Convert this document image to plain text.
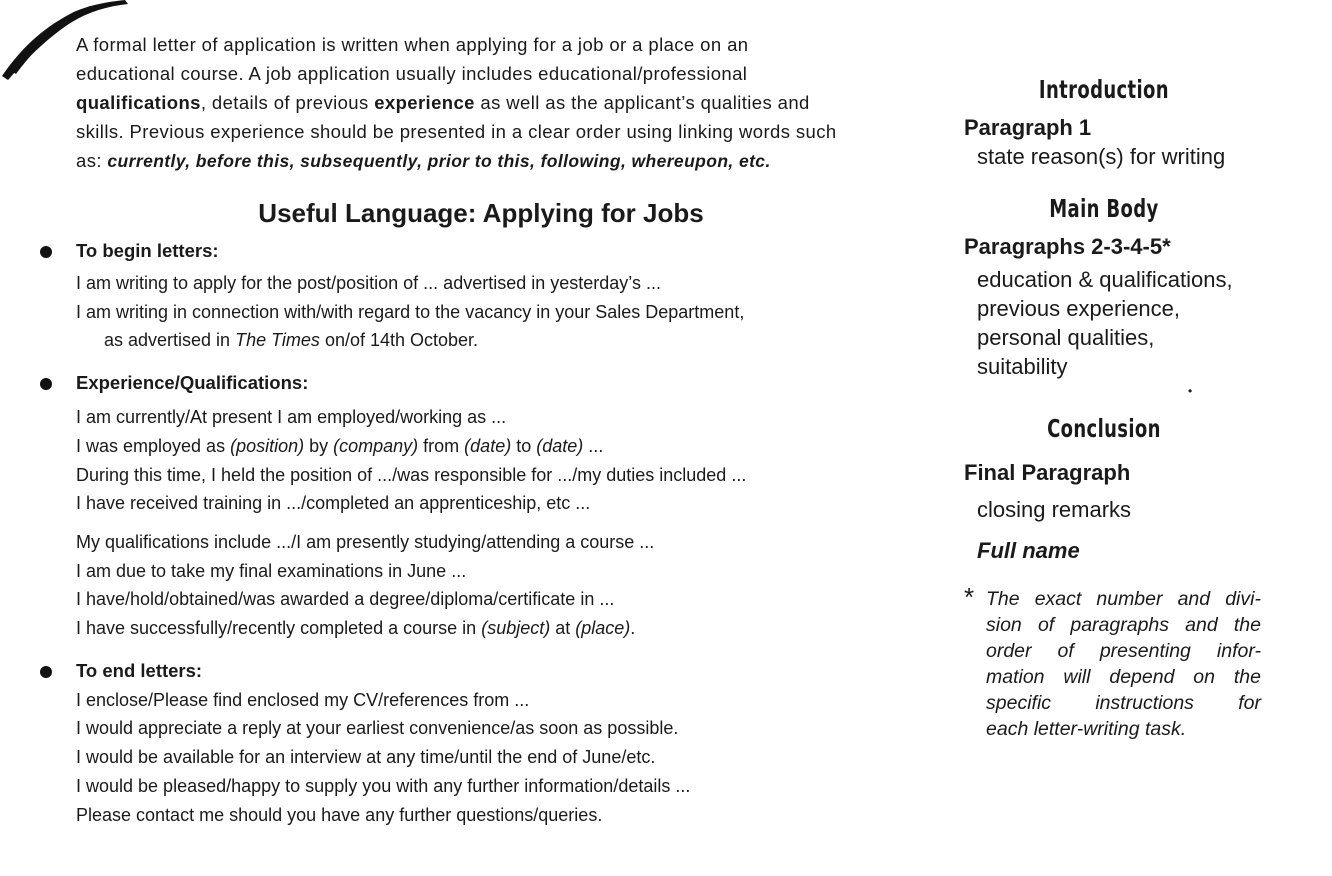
A formal letter of application is written when applying for a job or a place on an

educational course. A job application usually includes educational/professional

qualifications, details of previous experience as well as the applicant’s qualities and

skills. Previous experience should be presented in a clear order using linking words such

as: currently, before this, subsequently, prior to this, following, whereupon, etc.

Useful Language: Applying for Jobs
To begin letters:
I am writing to apply for the post/position of ... advertised in yesterday’s ...
I am writing in connection with/with regard to the vacancy in your Sales Department,
as advertised in The Times on/of 14th October.
Experience/Qualifications:
I am currently/At present I am employed/working as ...
I was employed as (position) by (company) from (date) to (date) ...
During this time, I held the position of .../was responsible for .../my duties included ...
I have received training in .../completed an apprenticeship, etc ...
My qualifications include .../I am presently studying/attending a course ...
I am due to take my final examinations in June ...
I have/hold/obtained/was awarded a degree/diploma/certificate in ...
I have successfully/recently completed a course in (subject) at (place).
To end letters:
I enclose/Please find enclosed my CV/references from ...
I would appreciate a reply at your earliest convenience/as soon as possible.
I would be available for an interview at any time/until the end of June/etc.
I would be pleased/happy to supply you with any further information/details ...
Please contact me should you have any further questions/queries.
Introduction
Paragraph 1
state reason(s) for writing
Main Body
Paragraphs 2-3-4-5*
education & qualifications,
previous experience,
personal qualities,
suitability
Conclusion
Final Paragraph
closing remarks
Full name
* The exact number and divi-
sion of paragraphs and the
order of presenting infor-
mation will depend on the
specific instructions for
each letter-writing task.
•
